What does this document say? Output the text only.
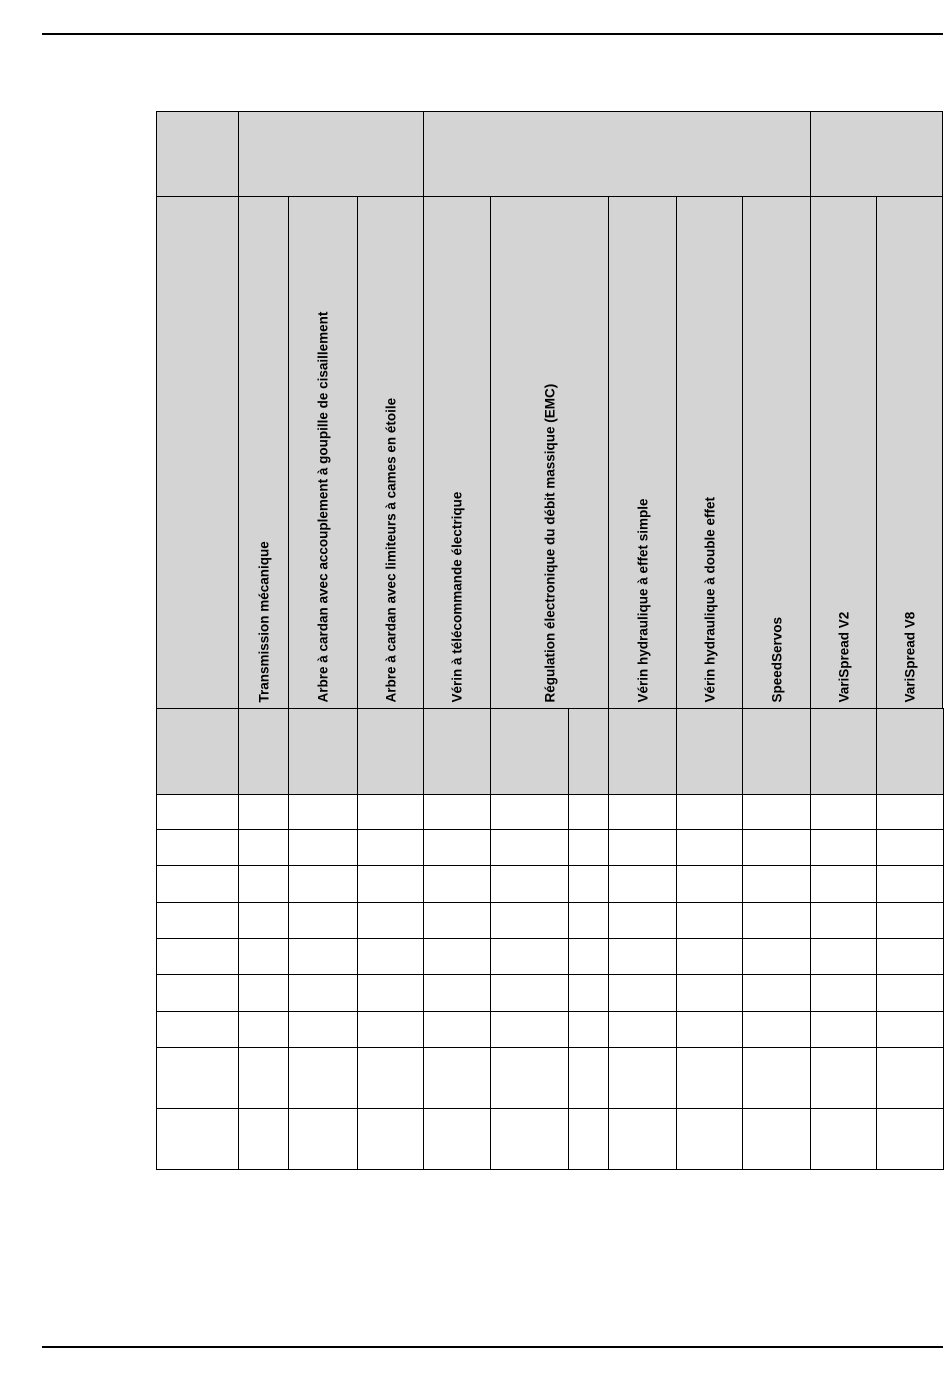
Transmission mécanique	Arbre à cardan avec accouplement à goupille de cisaillement	Arbre à cardan avec limiteurs à cames en étoile	Vérin à télécommande électrique	Régulation électronique du débit massique (EMC)	Vérin hydraulique à effet simple	Vérin hydraulique à double effet	SpeedServos	VariSpread V2	VariSpread V8
